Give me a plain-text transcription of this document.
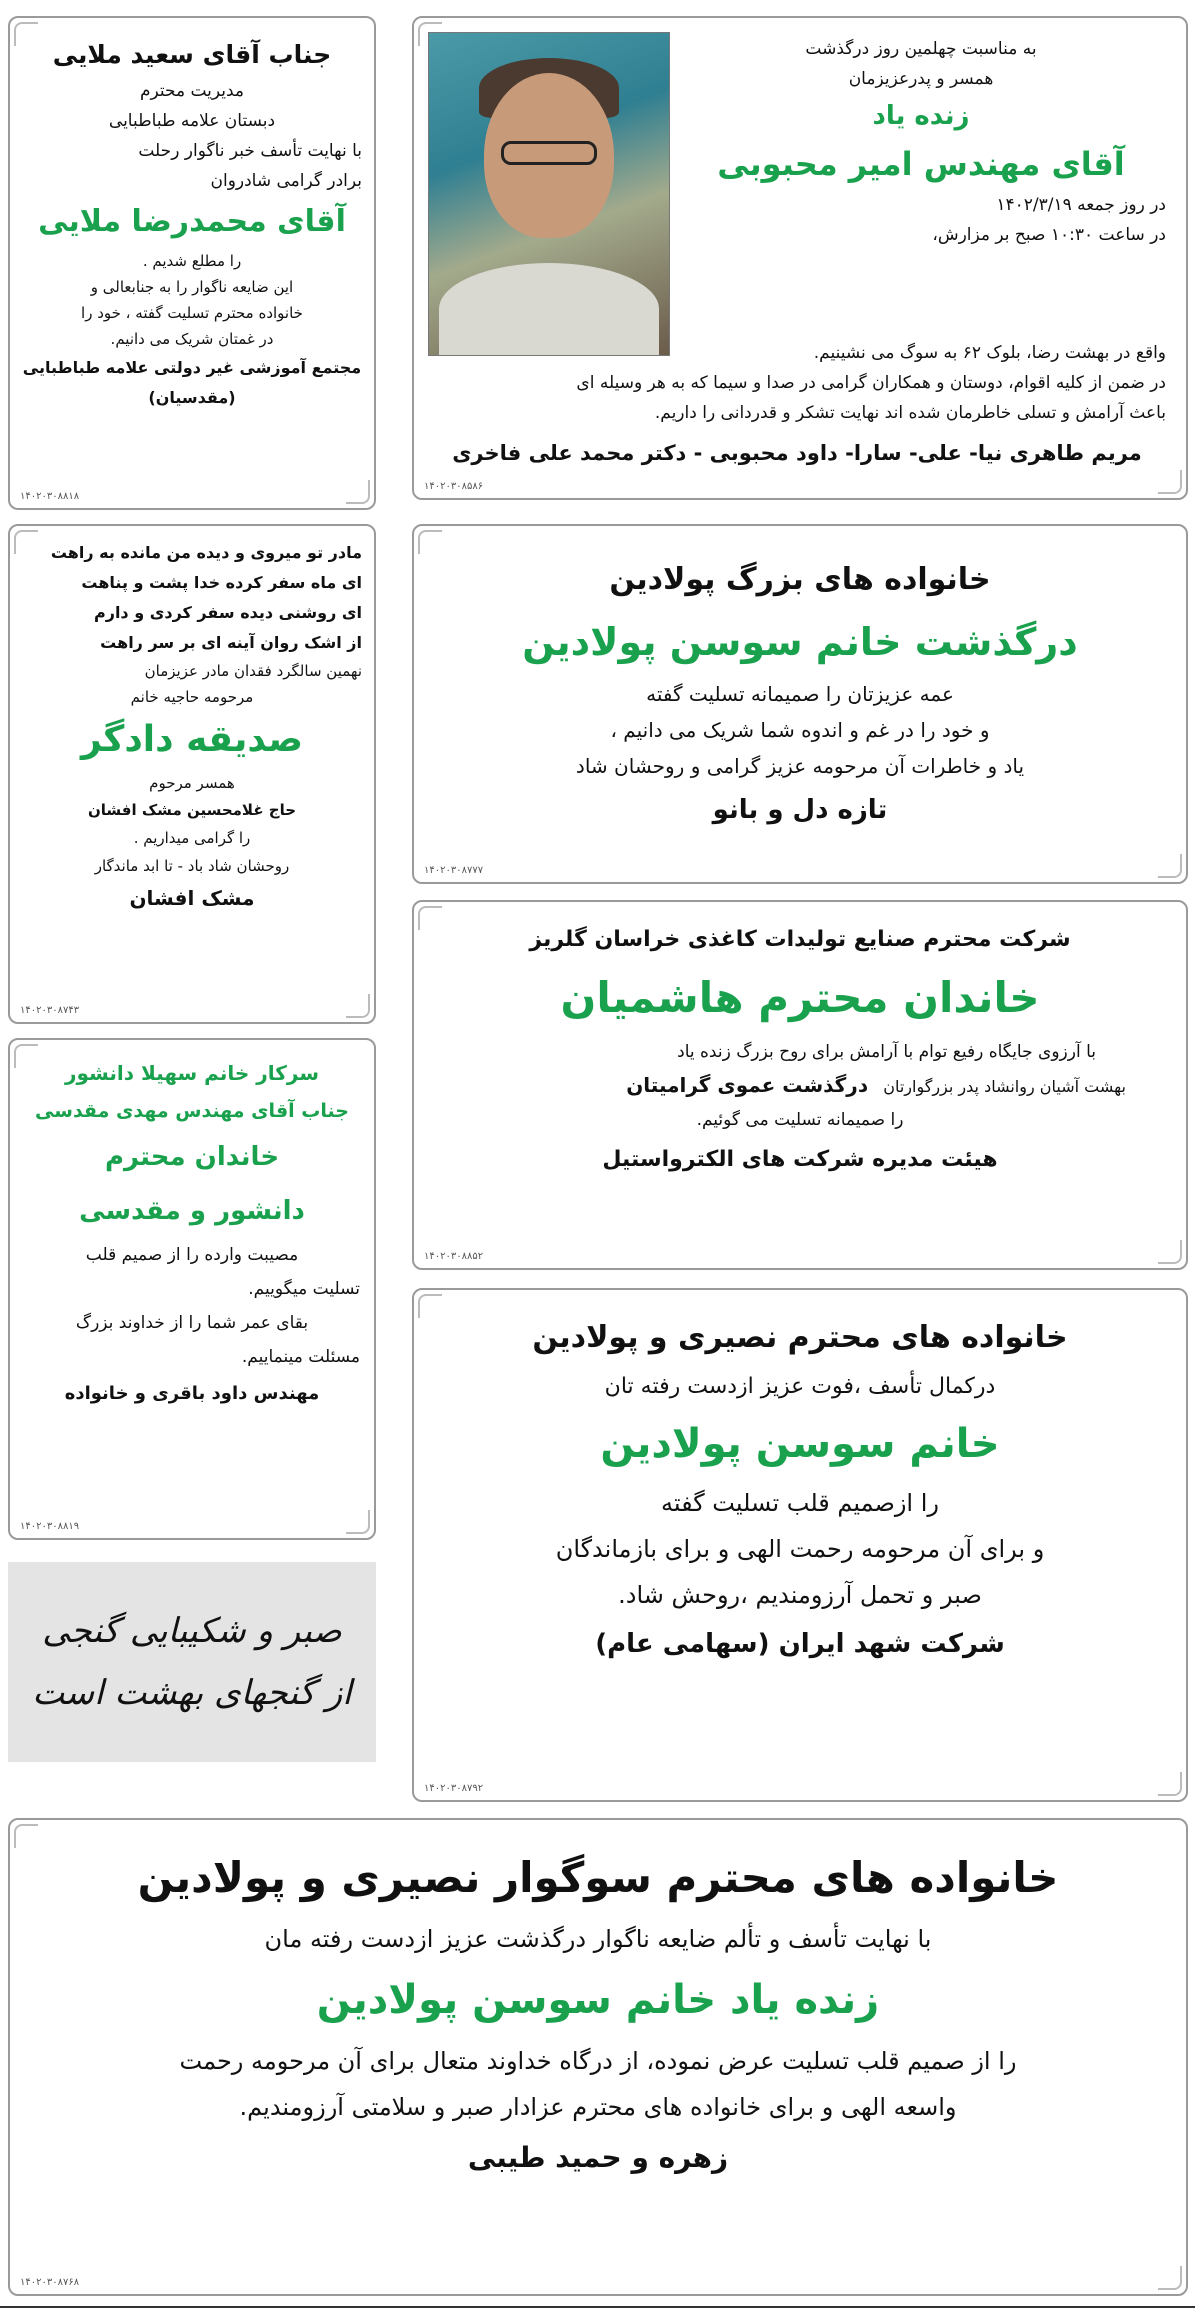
به مناسبت چهلمین روز درگذشت
همسر و پدرعزیزمان
زنده یاد
آقای مهندس امیر محبوبی
در روز جمعه ۱۴۰۲/۳/۱۹
در ساعت ۱۰:۳۰ صبح بر مزارش،
واقع در بهشت رضا، بلوک ۶۲ به سوگ می نشینیم.
در ضمن از کلیه اقوام، دوستان و همکاران گرامی در صدا و سیما که به هر وسیله ای
باعث آرامش و تسلی خاطرمان شده اند نهایت تشکر و قدردانی را داریم.
مریم طاهری نیا- علی- سارا- داود محبوبی - دکتر محمد علی فاخری
۱۴۰۲۰۳۰۸۵۸۶
جناب آقای سعید ملایی
مدیریت محترم
دبستان علامه طباطبایی
با نهایت تأسف خبر ناگوار رحلت
برادر گرامی شادروان
آقای محمدرضا ملایی
را مطلع شدیم .
این ضایعه ناگوار را به جنابعالی و
خانواده محترم تسلیت گفته ، خود را
در غمتان شریک می دانیم.
مجتمع آموزشی غیر دولتی علامه طباطبایی
(مقدسیان)
۱۴۰۲۰۳۰۸۸۱۸
خانواده های بزرگ پولادین
درگذشت خانم سوسن پولادین
عمه عزیزتان را صمیمانه تسلیت گفته
و خود را در غم و اندوه شما شریک می دانیم ،
یاد و خاطرات آن مرحومه عزیز گرامی و روحشان شاد
تازه دل و بانو
۱۴۰۲۰۳۰۸۷۷۷
مادر تو میروی و دیده من مانده به راهت
ای ماه سفر کرده خدا پشت و پناهت
ای روشنی دیده سفر کردی و دارم
از اشک روان آینه ای بر سر راهت
نهمین سالگرد فقدان مادر عزیزمان
مرحومه حاجیه خانم
صدیقه دادگر
همسر مرحوم
حاج غلامحسین مشک افشان
را گرامی میداریم .
روحشان شاد باد - تا ابد ماندگار
مشک افشان
۱۴۰۲۰۳۰۸۷۴۳
شرکت محترم صنایع تولیدات کاغذی خراسان گلریز
خاندان محترم هاشمیان
با آرزوی جایگاه رفیع توام با آرامش برای روح بزرگ زنده یاد
بهشت آشیان روانشاد پدر بزرگوارتان درگذشت عموی گرامیتان
را صمیمانه تسلیت می گوئیم.
هیئت مدیره شرکت های الکترواستیل
۱۴۰۲۰۳۰۸۸۵۲
سرکار خانم سهیلا دانشور
جناب آقای مهندس مهدی مقدسی
خاندان محترم
دانشور و مقدسی
مصیبت وارده را از صمیم قلب
تسلیت میگوییم.
بقای عمر شما را از خداوند بزرگ
مسئلت مینماییم.
مهندس داود باقری و خانواده
۱۴۰۲۰۳۰۸۸۱۹
خانواده های محترم نصیری و پولادین
درکمال تأسف ،فوت عزیز ازدست رفته تان
خانم سوسن پولادین
را ازصمیم قلب تسلیت گفته
و برای آن مرحومه رحمت الهی و برای بازماندگان
صبر و تحمل آرزومندیم ،روحش شاد.
شرکت شهد ایران (سهامی عام)
۱۴۰۲۰۳۰۸۷۹۲
صبر و شکیبایی گنجی
از گنجهای بهشت است
خانواده های محترم سوگوار نصیری و پولادین
با نهایت تأسف و تألم ضایعه ناگوار درگذشت عزیز ازدست رفته مان
زنده یاد خانم سوسن پولادین
را از صمیم قلب تسلیت عرض نموده، از درگاه خداوند متعال برای آن مرحومه رحمت
واسعه الهی و برای خانواده های محترم عزادار صبر و سلامتی آرزومندیم.
زهره و حمید طیبی
۱۴۰۲۰۳۰۸۷۶۸
